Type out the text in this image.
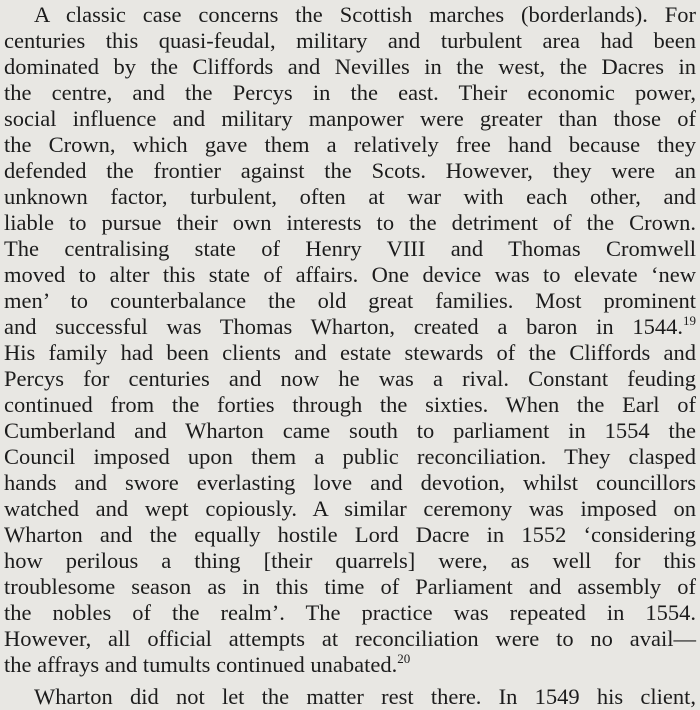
A classic case concerns the Scottish marches (borderlands). For
centuries this quasi-feudal, military and turbulent area had been
dominated by the Cliffords and Nevilles in the west, the Dacres in
the centre, and the Percys in the east. Their economic power,
social influence and military manpower were greater than those of
the Crown, which gave them a relatively free hand because they
defended the frontier against the Scots. However, they were an
unknown factor, turbulent, often at war with each other, and
liable to pursue their own interests to the detriment of the Crown.
The centralising state of Henry VIII and Thomas Cromwell
moved to alter this state of affairs. One device was to elevate ‘new
men’ to counterbalance the old great families. Most prominent
and successful was Thomas Wharton, created a baron in 1544.19
His family had been clients and estate stewards of the Cliffords and
Percys for centuries and now he was a rival. Constant feuding
continued from the forties through the sixties. When the Earl of
Cumberland and Wharton came south to parliament in 1554 the
Council imposed upon them a public reconciliation. They clasped
hands and swore everlasting love and devotion, whilst councillors
watched and wept copiously. A similar ceremony was imposed on
Wharton and the equally hostile Lord Dacre in 1552 ‘considering
how perilous a thing [their quarrels] were, as well for this
troublesome season as in this time of Parliament and assembly of
the nobles of the realm’. The practice was repeated in 1554.
However, all official attempts at reconciliation were to no avail—
the affrays and tumults continued unabated.$^{20}$
Wharton did not let the matter rest there. In 1549 his client,
